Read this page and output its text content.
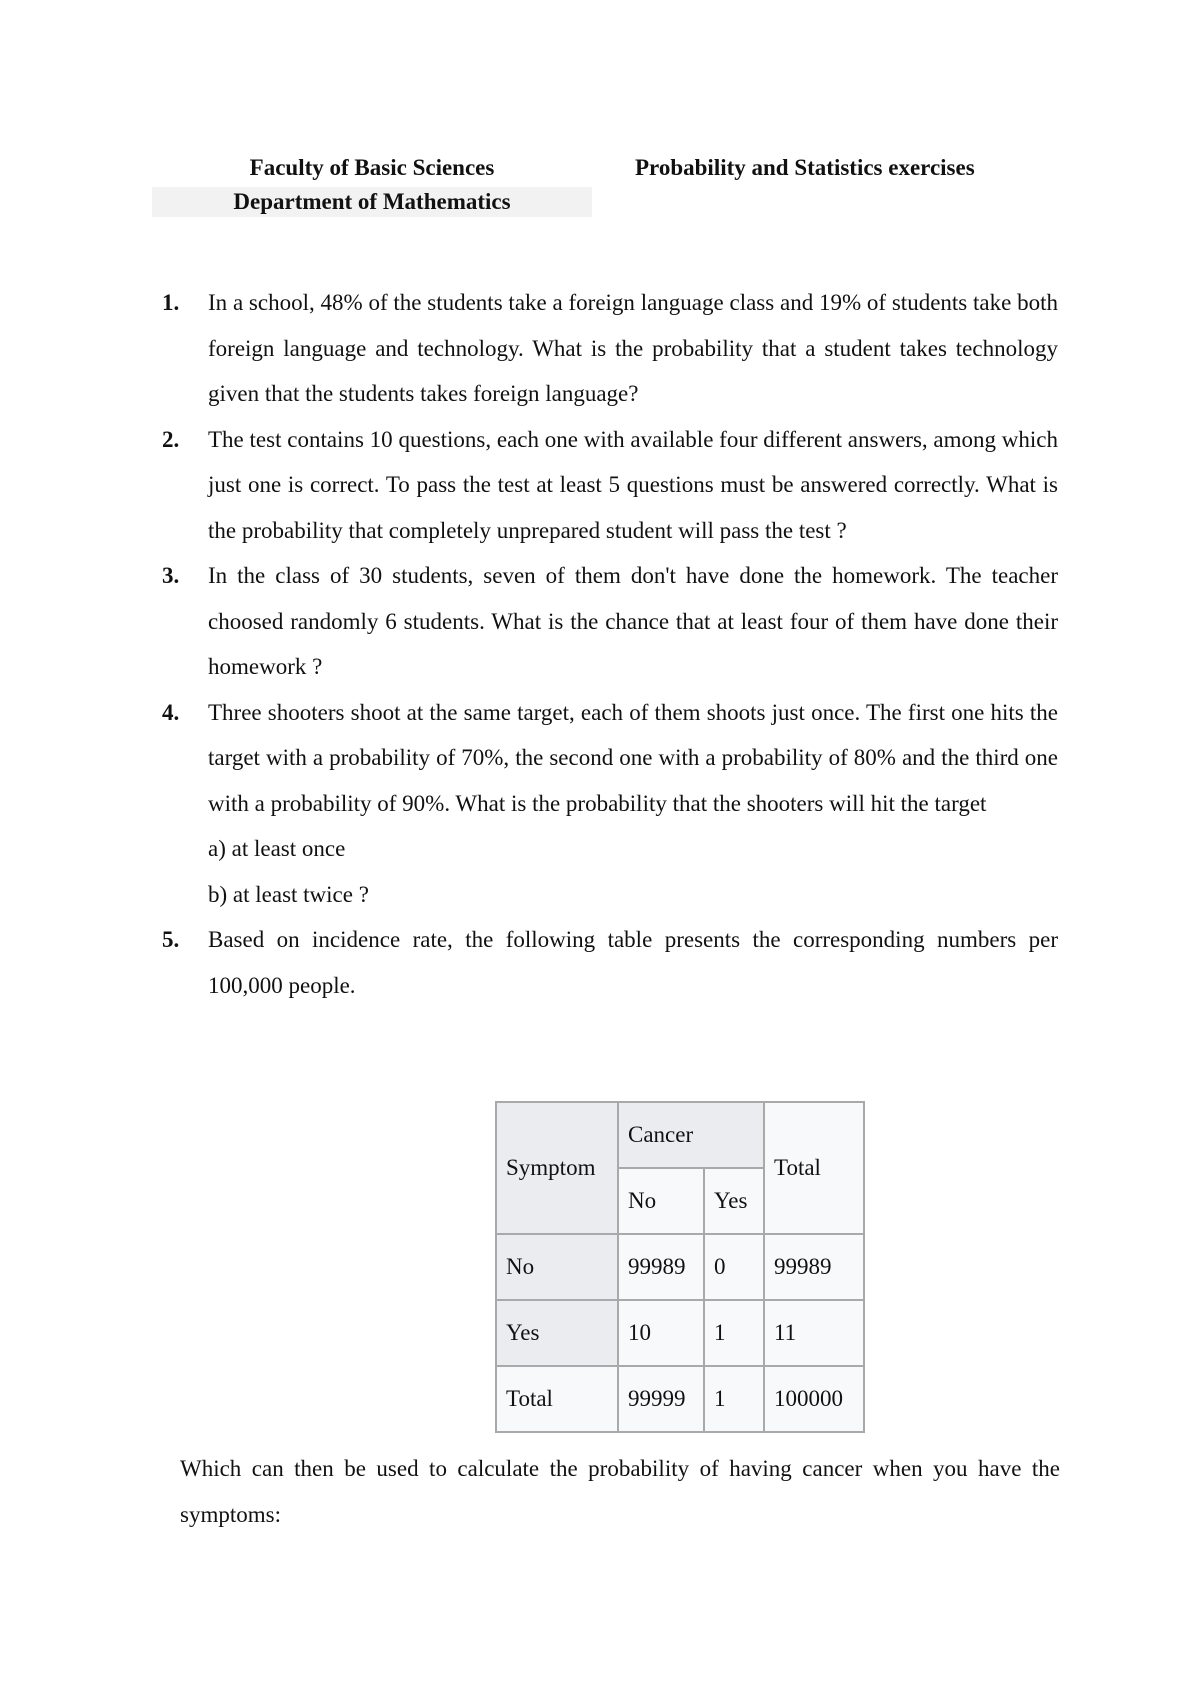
Faculty of Basic Sciences
Department of Mathematics
Probability and Statistics exercises
1.	In a school, 48% of the students take a foreign language class and 19% of students take both foreign language and technology. What is the probability that a student takes technology given that the students takes foreign language?
2.	The test contains 10 questions, each one with available four different answers, among which just one is correct. To pass the test at least 5 questions must be answered correctly. What is the probability that completely unprepared student will pass the test ?
3.	In the class of 30 students, seven of them don't have done the homework. The teacher choosed randomly 6 students. What is the chance that at least four of them have done their homework ?
4.	Three shooters shoot at the same target, each of them shoots just once. The first one hits the target with a probability of 70%, the second one with a probability of 80% and the third one with a probability of 90%. What is the probability that the shooters will hit the target
a) at least once
b) at least twice ?
5.	Based on incidence rate, the following table presents the corresponding numbers per 100,000 people.
Symptom	Cancer		Total
	No	Yes	
No	99989	0	99989
Yes	10	1	11
Total	99999	1	100000
Which can then be used to calculate the probability of having cancer when you have the symptoms:
